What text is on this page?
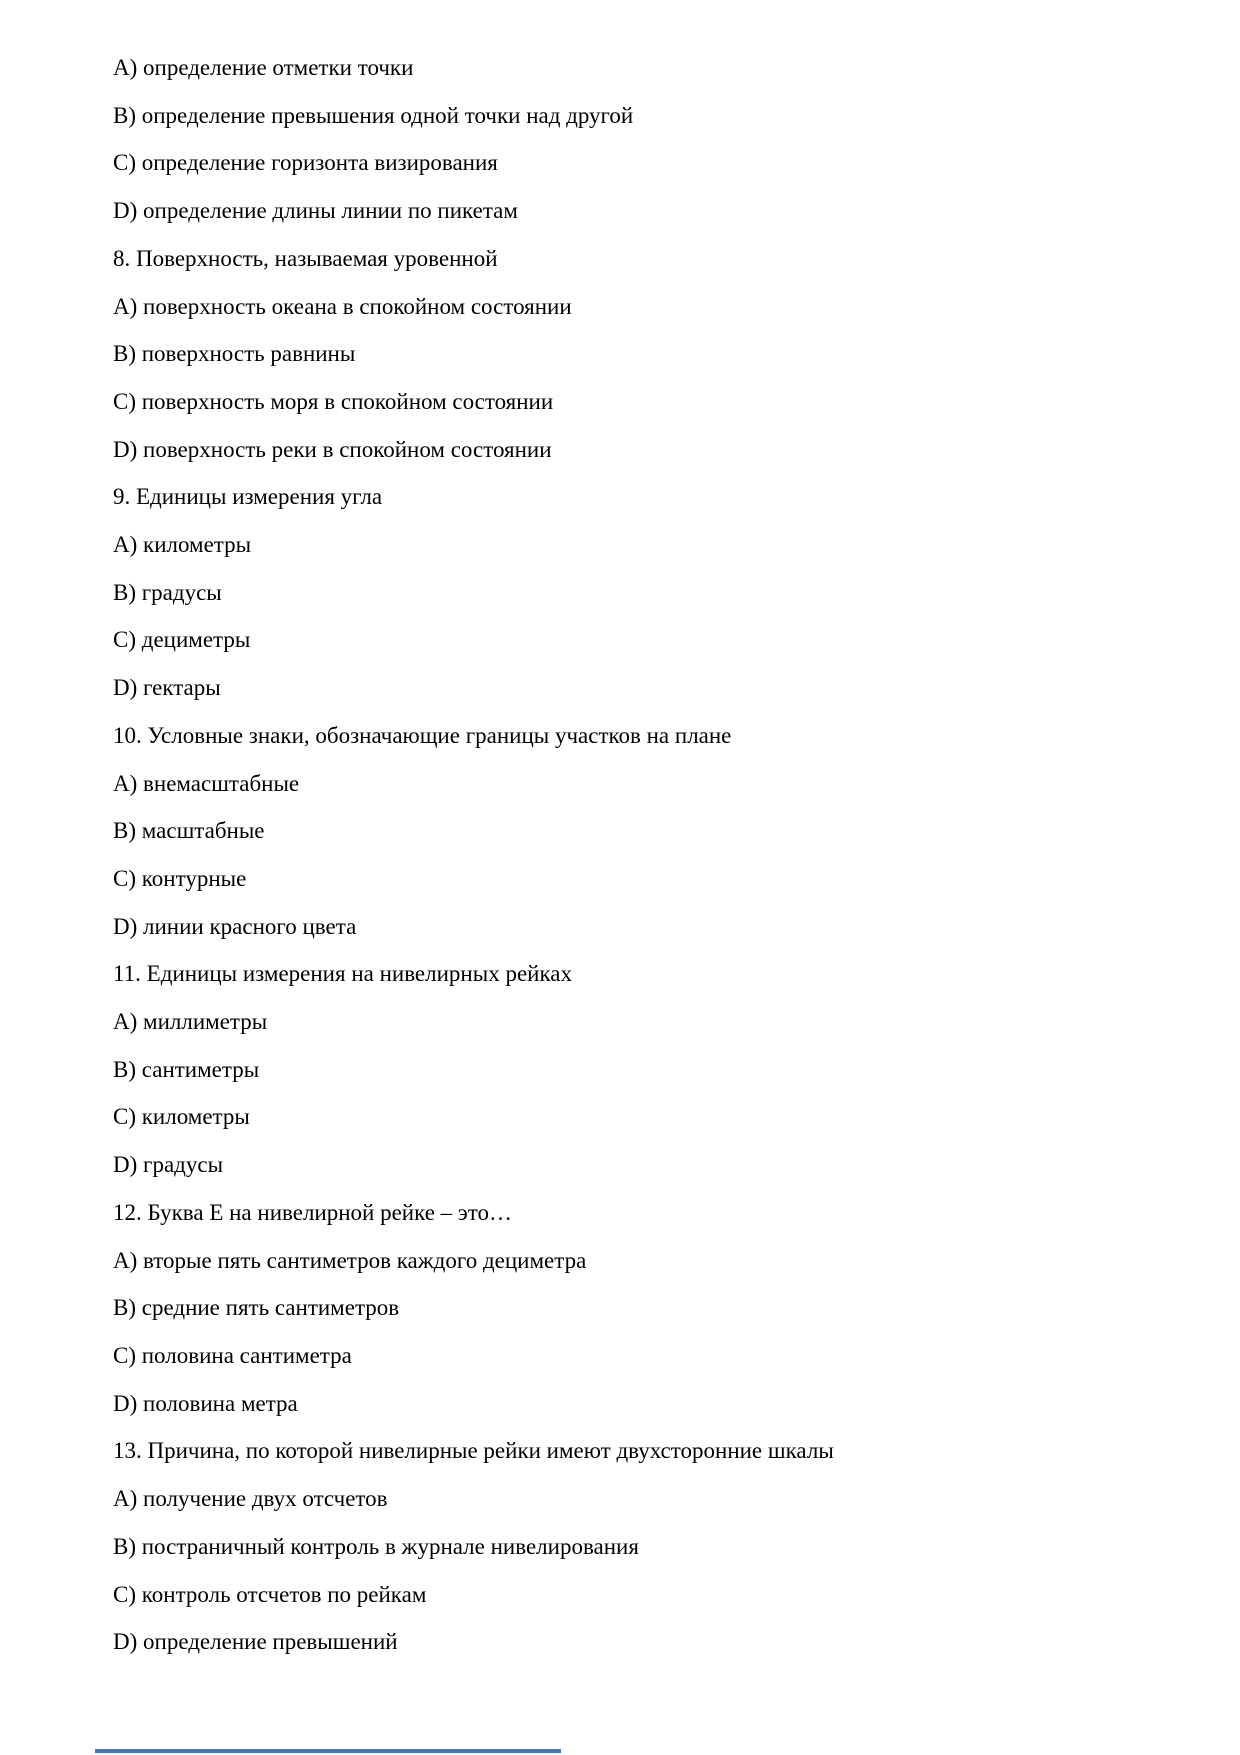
A) определение отметки точки

B) определение превышения одной точки над другой

C) определение горизонта визирования

D) определение длины линии по пикетам

8. Поверхность, называемая уровенной

A) поверхность океана в спокойном состоянии

B) поверхность равнины

C) поверхность моря в спокойном состоянии

D) поверхность реки в спокойном состоянии

9. Единицы измерения угла

A) километры

B) градусы

C) дециметры

D) гектары

10. Условные знаки, обозначающие границы участков на плане

A) внемасштабные

B) масштабные

C) контурные

D) линии красного цвета

11. Единицы измерения на нивелирных рейках

A) миллиметры

B) сантиметры

C) километры

D) градусы

12. Буква Е на нивелирной рейке – это…

A) вторые пять сантиметров каждого дециметра

B) средние пять сантиметров

C) половина сантиметра

D) половина метра

13. Причина, по которой нивелирные рейки имеют двухсторонние шкалы

A) получение двух отсчетов

B) постраничный контроль в журнале нивелирования

C) контроль отсчетов по рейкам

D) определение превышений
